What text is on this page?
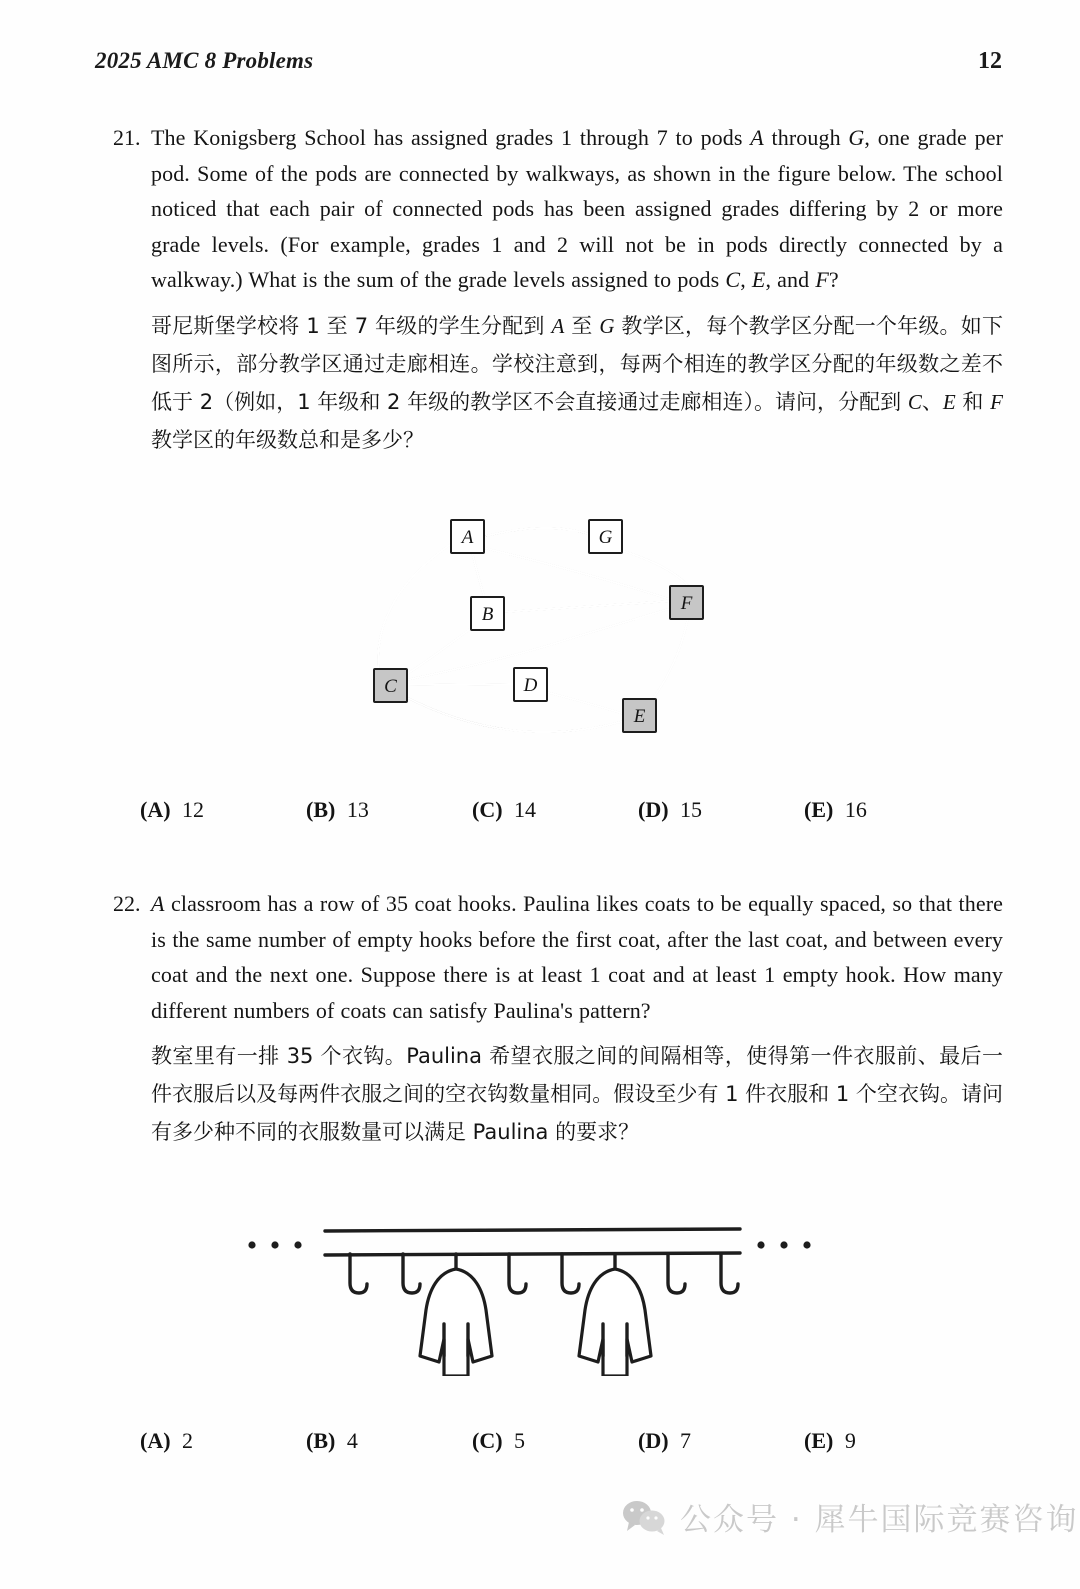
2025 AMC 8 Problems	12
21. The Konigsberg School has assigned grades 1 through 7 to pods A through G, one grade per pod. Some of the pods are connected by walkways, as shown in the figure below. The school noticed that each pair of connected pods has been assigned grades differing by 2 or more grade levels. (For example, grades 1 and 2 will not be in pods directly connected by a walkway.) What is the sum of the grade levels assigned to pods C, E, and F?
哥尼斯堡学校将 1 至 7 年级的学生分配到 A 至 G 教学区，每个教学区分配一个年级。如下图所示，部分教学区通过走廊相连。学校注意到，每两个相连的教学区分配的年级数之差不低于 2（例如，1 年级和 2 年级的教学区不会直接通过走廊相连）。请问，分配到 C、E 和 F 教学区的年级数总和是多少？
A	G
B
F
C	D
E
(A) 12	(B) 13	(C) 14	(D) 15	(E) 16
22. A classroom has a row of 35 coat hooks. Paulina likes coats to be equally spaced, so that there is the same number of empty hooks before the first coat, after the last coat, and between every coat and the next one. Suppose there is at least 1 coat and at least 1 empty hook. How many different numbers of coats can satisfy Paulina's pattern?
教室里有一排 35 个衣钩。Paulina 希望衣服之间的间隔相等，使得第一件衣服前、最后一件衣服后以及每两件衣服之间的空衣钩数量相同。假设至少有 1 件衣服和 1 个空衣钩。请问有多少种不同的衣服数量可以满足 Paulina 的要求？
(A) 2	(B) 4	(C) 5	(D) 7	(E) 9
公众号 · 犀牛国际竞赛咨询
